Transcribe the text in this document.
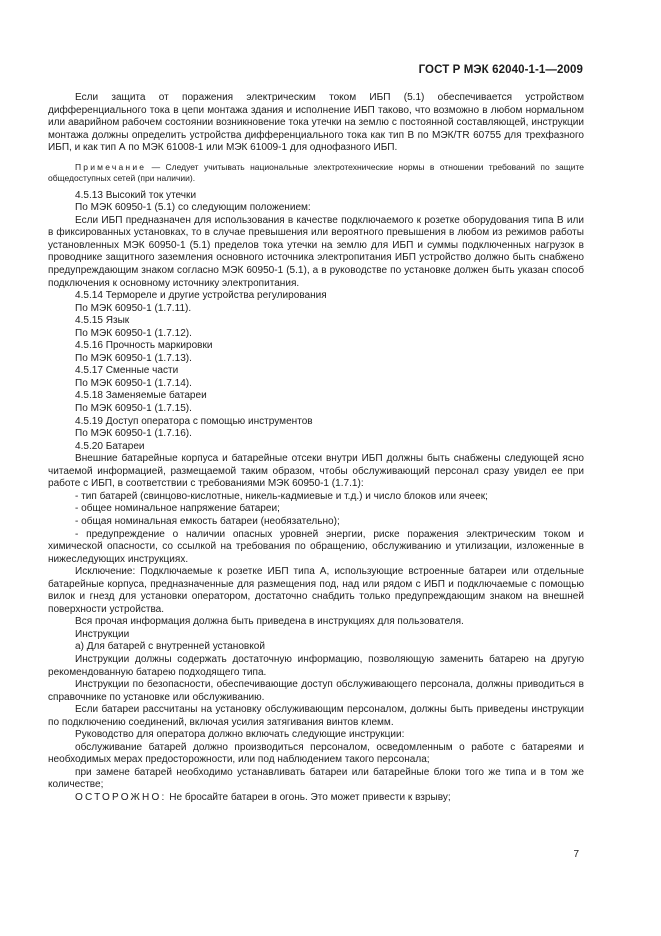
ГОСТ Р МЭК 62040-1-1—2009

Если защита от поражения электрическим током ИБП (5.1) обеспечивается устройством дифференциального тока в цепи монтажа здания и исполнение ИБП таково, что возможно в любом нормальном или аварийном рабочем состоянии возникновение тока утечки на землю с постоянной составляющей, инструкции монтажа должны определить устройства дифференциального тока как тип В по МЭК/TR 60755 для трехфазного ИБП, и как тип А по МЭК 61008-1 или МЭК 61009-1 для однофазного ИБП.

Примечание — Следует учитывать национальные электротехнические нормы в отношении требований по защите общедоступных сетей (при наличии).

4.5.13 Высокий ток утечки

По МЭК 60950-1 (5.1) со следующим положением:

Если ИБП предназначен для использования в качестве подключаемого к розетке оборудования типа В или в фиксированных установках, то в случае превышения или вероятного превышения в любом из режимов работы установленных МЭК 60950-1 (5.1) пределов тока утечки на землю для ИБП и суммы подключенных нагрузок в проводнике защитного заземления основного источника электропитания ИБП устройство должно быть снабжено предупреждающим знаком согласно МЭК 60950-1 (5.1), а в руководстве по установке должен быть указан способ подключения к основному источнику электропитания.

4.5.14 Термореле и другие устройства регулирования

По МЭК 60950-1 (1.7.11).

4.5.15 Язык

По МЭК 60950-1 (1.7.12).

4.5.16 Прочность маркировки

По МЭК 60950-1 (1.7.13).

4.5.17 Сменные части

По МЭК 60950-1 (1.7.14).

4.5.18 Заменяемые батареи

По МЭК 60950-1 (1.7.15).

4.5.19 Доступ оператора с помощью инструментов

По МЭК 60950-1 (1.7.16).

4.5.20 Батареи

Внешние батарейные корпуса и батарейные отсеки внутри ИБП должны быть снабжены следующей ясно читаемой информацией, размещаемой таким образом, чтобы обслуживающий персонал сразу увидел ее при работе с ИБП, в соответствии с требованиями МЭК 60950-1 (1.7.1):

- тип батарей (свинцово-кислотные, никель-кадмиевые и т.д.) и число блоков или ячеек;

- общее номинальное напряжение батареи;

- общая номинальная емкость батареи (необязательно);

- предупреждение о наличии опасных уровней энергии, риске поражения электрическим током и химической опасности, со ссылкой на требования по обращению, обслуживанию и утилизации, изложенные в нижеследующих инструкциях.

Исключение: Подключаемые к розетке ИБП типа А, использующие встроенные батареи или отдельные батарейные корпуса, предназначенные для размещения под, над или рядом с ИБП и подключаемые с помощью вилок и гнезд для установки оператором, достаточно снабдить только предупреждающим знаком на внешней поверхности устройства.

Вся прочая информация должна быть приведена в инструкциях для пользователя.

Инструкции

а) Для батарей с внутренней установкой

Инструкции должны содержать достаточную информацию, позволяющую заменить батарею на другую рекомендованную батарею подходящего типа.

Инструкции по безопасности, обеспечивающие доступ обслуживающего персонала, должны приводиться в справочнике по установке или обслуживанию.

Если батареи рассчитаны на установку обслуживающим персоналом, должны быть приведены инструкции по подключению соединений, включая усилия затягивания винтов клемм.

Руководство для оператора должно включать следующие инструкции:

обслуживание батарей должно производиться персоналом, осведомленным о работе с батареями и необходимых мерах предосторожности, или под наблюдением такого персонала;

при замене батарей необходимо устанавливать батареи или батарейные блоки того же типа и в том же количестве;

ОСТОРОЖНО: Не бросайте батареи в огонь. Это может привести к взрыву;

7
